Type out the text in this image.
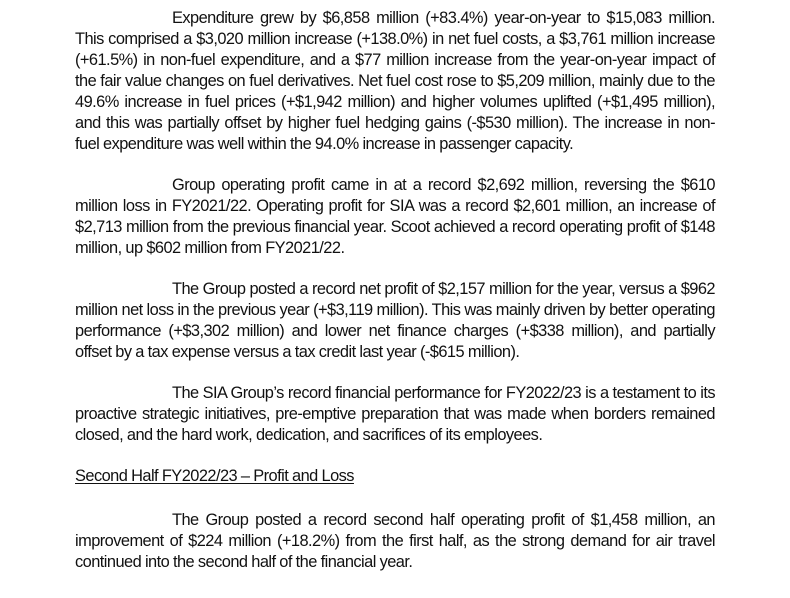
Expenditure grew by $6,858 million (+83.4%) year-on-year to $15,083 million. This comprised a $3,020 million increase (+138.0%) in net fuel costs, a $3,761 million increase (+61.5%) in non-fuel expenditure, and a $77 million increase from the year-on-year impact of the fair value changes on fuel derivatives. Net fuel cost rose to $5,209 million, mainly due to the 49.6% increase in fuel prices (+$1,942 million) and higher volumes uplifted (+$1,495 million), and this was partially offset by higher fuel hedging gains (-$530 million). The increase in non-fuel expenditure was well within the 94.0% increase in passenger capacity.

Group operating profit came in at a record $2,692 million, reversing the $610 million loss in FY2021/22. Operating profit for SIA was a record $2,601 million, an increase of $2,713 million from the previous financial year. Scoot achieved a record operating profit of $148 million, up $602 million from FY2021/22.

The Group posted a record net profit of $2,157 million for the year, versus a $962 million net loss in the previous year (+$3,119 million). This was mainly driven by better operating performance (+$3,302 million) and lower net finance charges (+$338 million), and partially offset by a tax expense versus a tax credit last year (-$615 million).

The SIA Group’s record financial performance for FY2022/23 is a testament to its proactive strategic initiatives, pre-emptive preparation that was made when borders remained closed, and the hard work, dedication, and sacrifices of its employees.

Second Half FY2022/23 – Profit and Loss

The Group posted a record second half operating profit of $1,458 million, an improvement of $224 million (+18.2%) from the first half, as the strong demand for air travel continued into the second half of the financial year.
